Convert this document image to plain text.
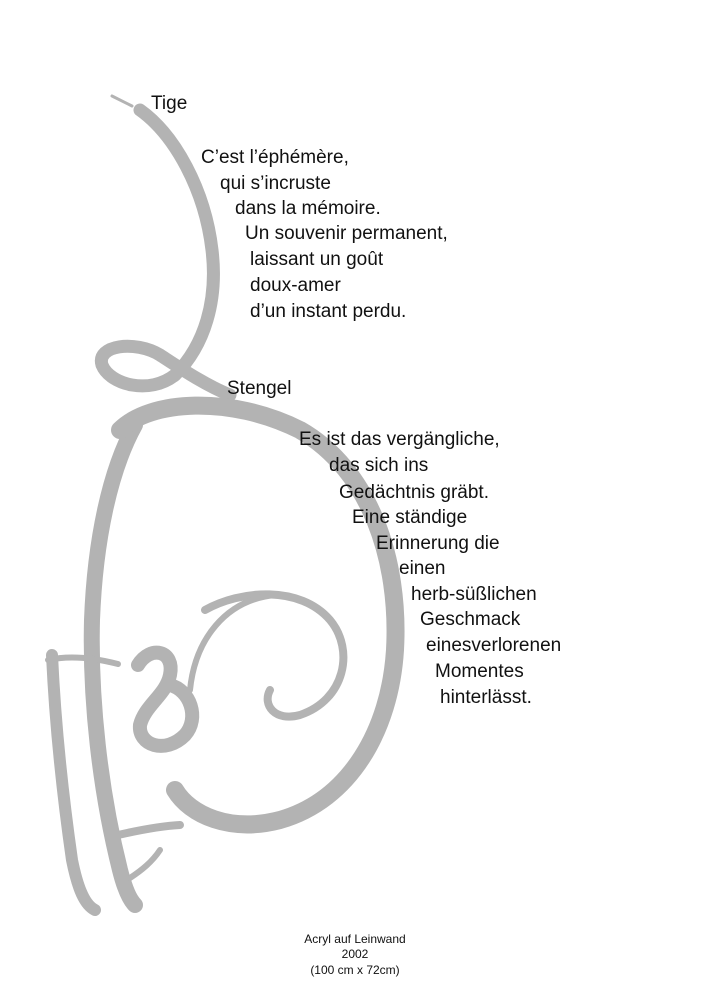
Tige
C’est l’éphémère,
qui s’incruste
dans la mémoire.
Un souvenir permanent,
laissant un goût
doux-amer
d’un instant perdu.
Stengel
Es ist das vergängliche,
das sich ins
Gedächtnis gräbt.
Eine ständige
Erinnerung die
einen
herb-süßlichen
Geschmack
einesverlorenen
Momentes
hinterlässt.
Acryl auf Leinwand
2002
(100 cm x 72cm)
